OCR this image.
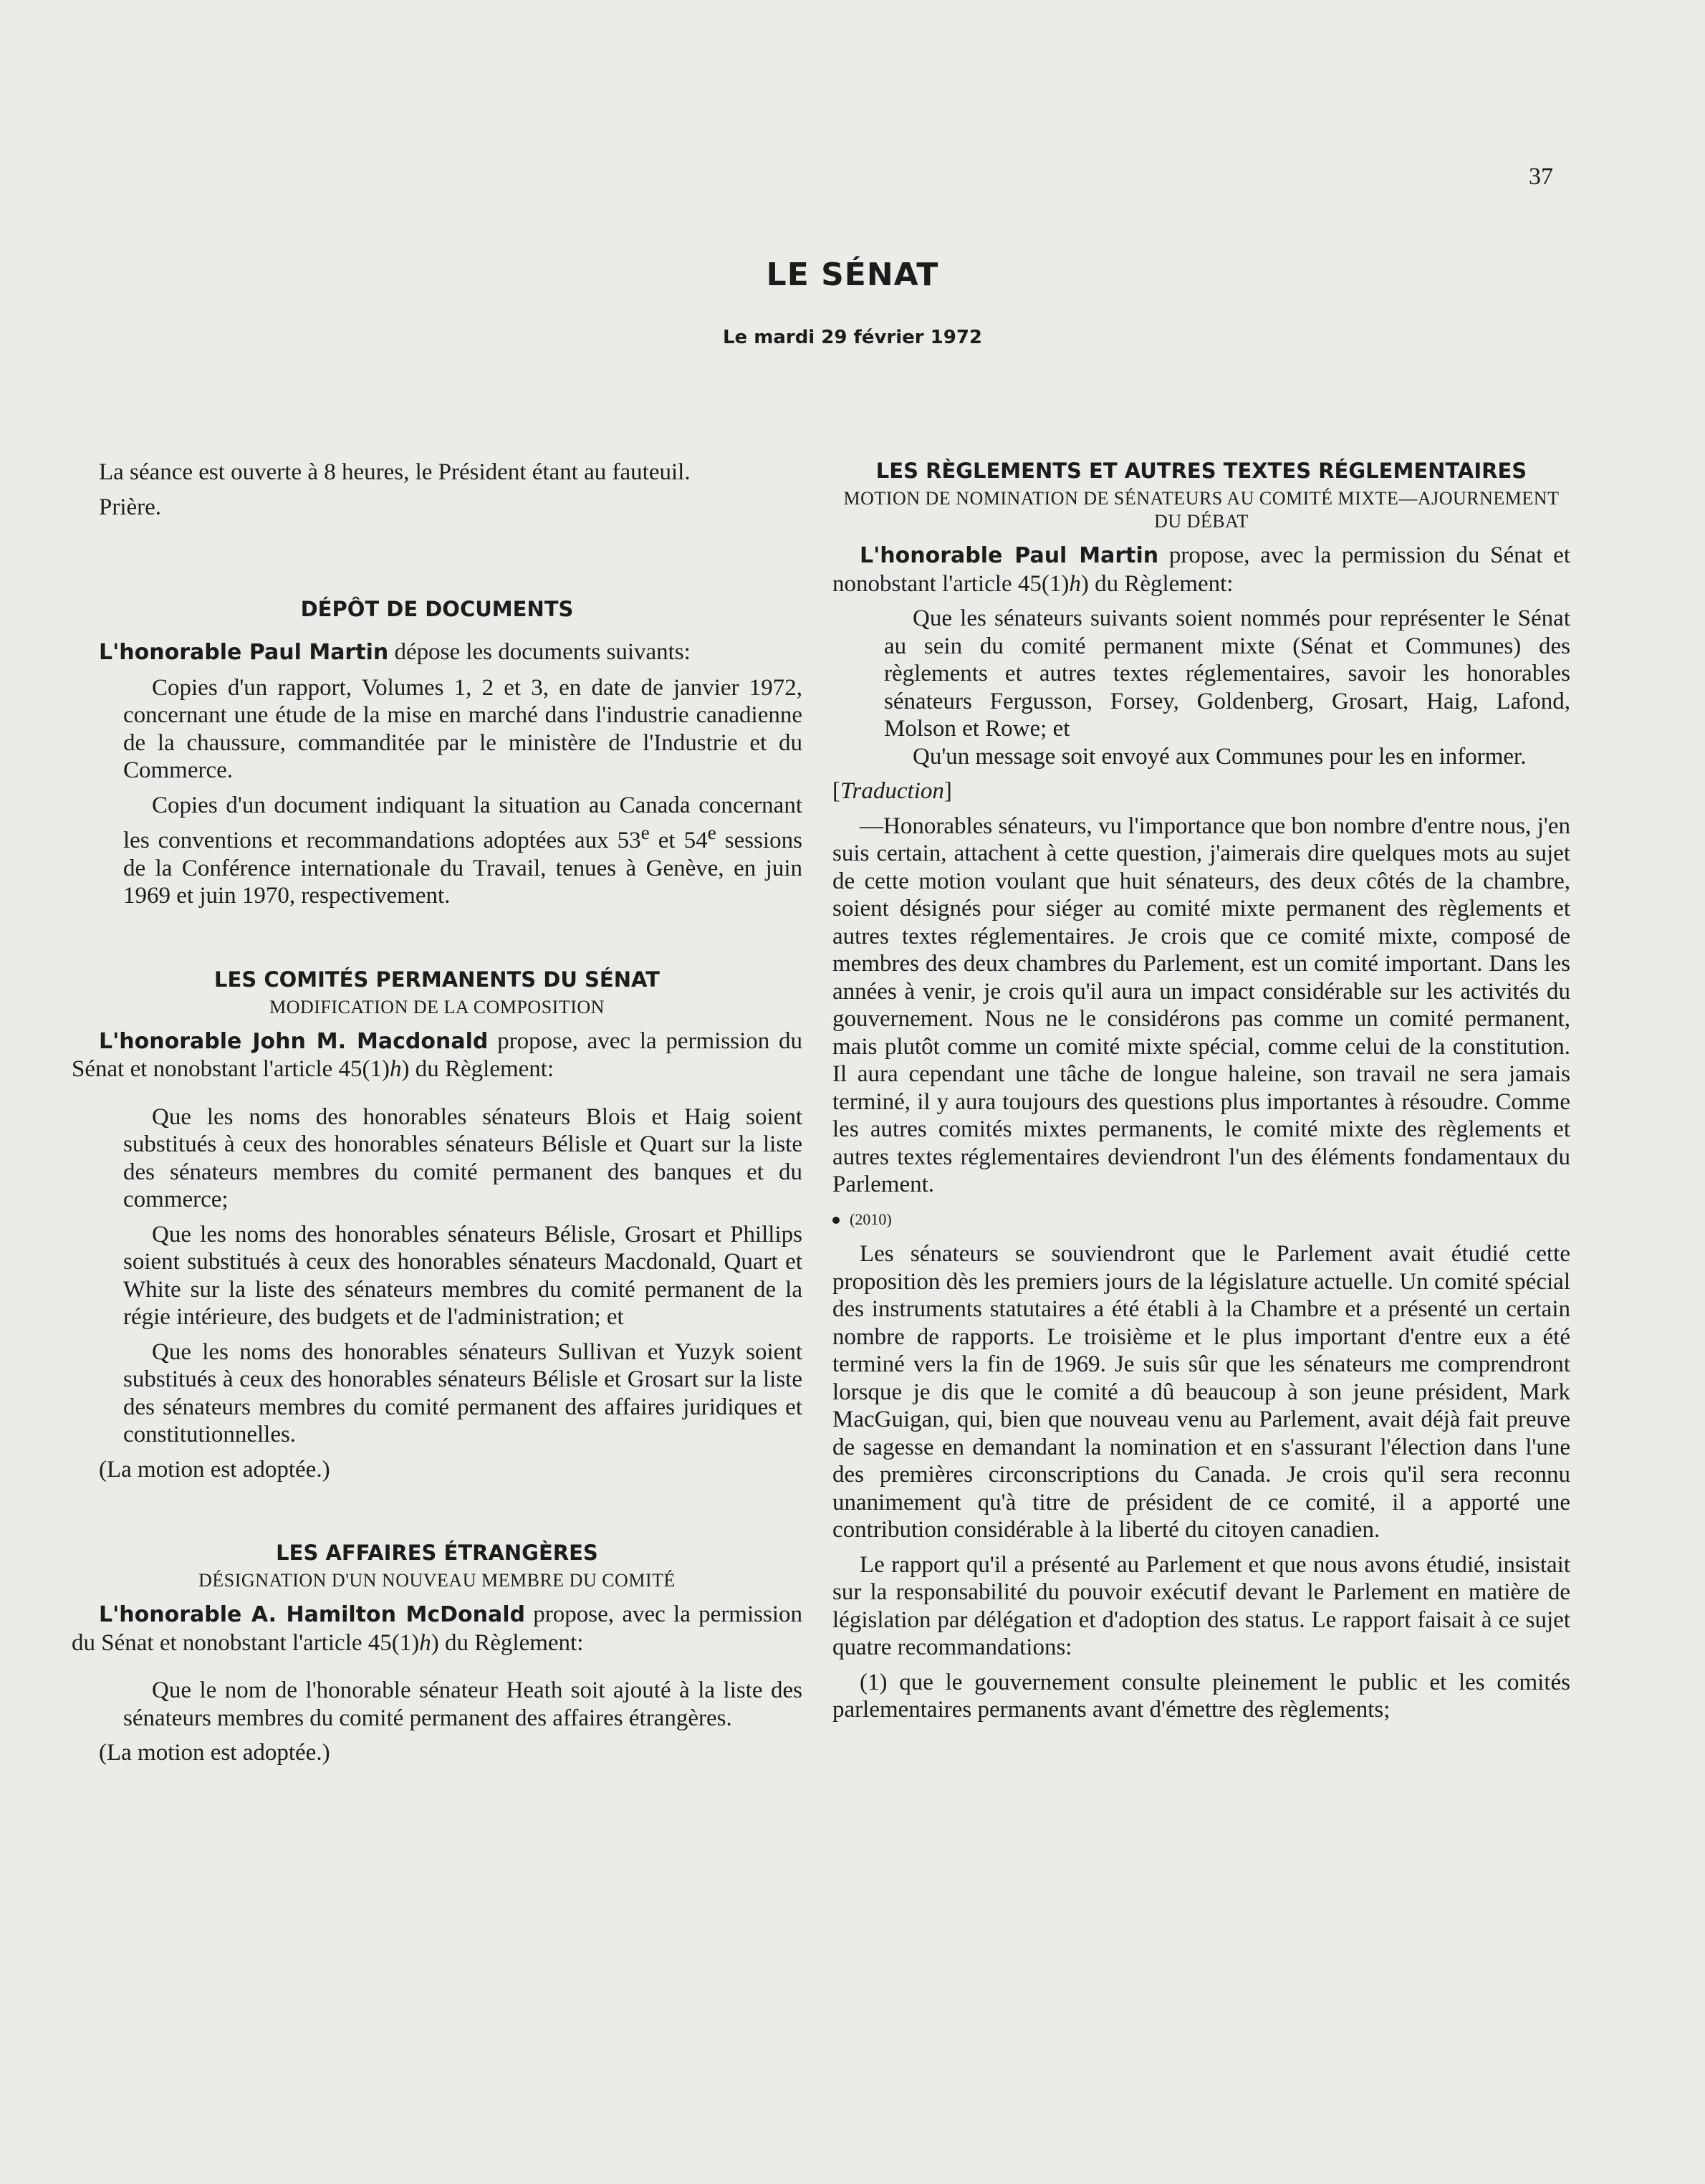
37
LE SÉNAT
Le mardi 29 février 1972

La séance est ouverte à 8 heures, le Président étant au fauteuil.

Prière.

DÉPÔT DE DOCUMENTS

L'honorable Paul Martin dépose les documents suivants:

Copies d'un rapport, Volumes 1, 2 et 3, en date de janvier 1972, concernant une étude de la mise en marché dans l'industrie canadienne de la chaussure, commanditée par le ministère de l'Industrie et du Commerce.

Copies d'un document indiquant la situation au Canada concernant les conventions et recommandations adoptées aux 53e et 54e sessions de la Conférence internationale du Travail, tenues à Genève, en juin 1969 et juin 1970, respectivement.

LES COMITÉS PERMANENTS DU SÉNAT

MODIFICATION DE LA COMPOSITION

L'honorable John M. Macdonald propose, avec la permission du Sénat et nonobstant l'article 45(1)h) du Règlement:

Que les noms des honorables sénateurs Blois et Haig soient substitués à ceux des honorables sénateurs Bélisle et Quart sur la liste des sénateurs membres du comité permanent des banques et du commerce;

Que les noms des honorables sénateurs Bélisle, Grosart et Phillips soient substitués à ceux des honorables sénateurs Macdonald, Quart et White sur la liste des sénateurs membres du comité permanent de la régie intérieure, des budgets et de l'administration; et

Que les noms des honorables sénateurs Sullivan et Yuzyk soient substitués à ceux des honorables sénateurs Bélisle et Grosart sur la liste des sénateurs membres du comité permanent des affaires juridiques et constitutionnelles.

(La motion est adoptée.)

LES AFFAIRES ÉTRANGÈRES

DÉSIGNATION D'UN NOUVEAU MEMBRE DU COMITÉ

L'honorable A. Hamilton McDonald propose, avec la permission du Sénat et nonobstant l'article 45(1)h) du Règlement:

Que le nom de l'honorable sénateur Heath soit ajouté à la liste des sénateurs membres du comité permanent des affaires étrangères.

(La motion est adoptée.)

LES RÈGLEMENTS ET AUTRES TEXTES RÉGLEMENTAIRES

MOTION DE NOMINATION DE SÉNATEURS AU COMITÉ MIXTE—AJOURNEMENT DU DÉBAT

L'honorable Paul Martin propose, avec la permission du Sénat et nonobstant l'article 45(1)h) du Règlement:

Que les sénateurs suivants soient nommés pour représenter le Sénat au sein du comité permanent mixte (Sénat et Communes) des règlements et autres textes réglementaires, savoir les honorables sénateurs Fergusson, Forsey, Goldenberg, Grosart, Haig, Lafond, Molson et Rowe; et

Qu'un message soit envoyé aux Communes pour les en informer.

[Traduction]

—Honorables sénateurs, vu l'importance que bon nombre d'entre nous, j'en suis certain, attachent à cette question, j'aimerais dire quelques mots au sujet de cette motion voulant que huit sénateurs, des deux côtés de la chambre, soient désignés pour siéger au comité mixte permanent des règlements et autres textes réglementaires. Je crois que ce comité mixte, composé de membres des deux chambres du Parlement, est un comité important. Dans les années à venir, je crois qu'il aura un impact considérable sur les activités du gouvernement. Nous ne le considérons pas comme un comité permanent, mais plutôt comme un comité mixte spécial, comme celui de la constitution. Il aura cependant une tâche de longue haleine, son travail ne sera jamais terminé, il y aura toujours des questions plus importantes à résoudre. Comme les autres comités mixtes permanents, le comité mixte des règlements et autres textes réglementaires deviendront l'un des éléments fondamentaux du Parlement.

(2010)

Les sénateurs se souviendront que le Parlement avait étudié cette proposition dès les premiers jours de la législature actuelle. Un comité spécial des instruments statutaires a été établi à la Chambre et a présenté un certain nombre de rapports. Le troisième et le plus important d'entre eux a été terminé vers la fin de 1969. Je suis sûr que les sénateurs me comprendront lorsque je dis que le comité a dû beaucoup à son jeune président, Mark MacGuigan, qui, bien que nouveau venu au Parlement, avait déjà fait preuve de sagesse en demandant la nomination et en s'assurant l'élection dans l'une des premières circonscriptions du Canada. Je crois qu'il sera reconnu unanimement qu'à titre de président de ce comité, il a apporté une contribution considérable à la liberté du citoyen canadien.

Le rapport qu'il a présenté au Parlement et que nous avons étudié, insistait sur la responsabilité du pouvoir exécutif devant le Parlement en matière de législation par délégation et d'adoption des status. Le rapport faisait à ce sujet quatre recommandations:

(1) que le gouvernement consulte pleinement le public et les comités parlementaires permanents avant d'émettre des règlements;
